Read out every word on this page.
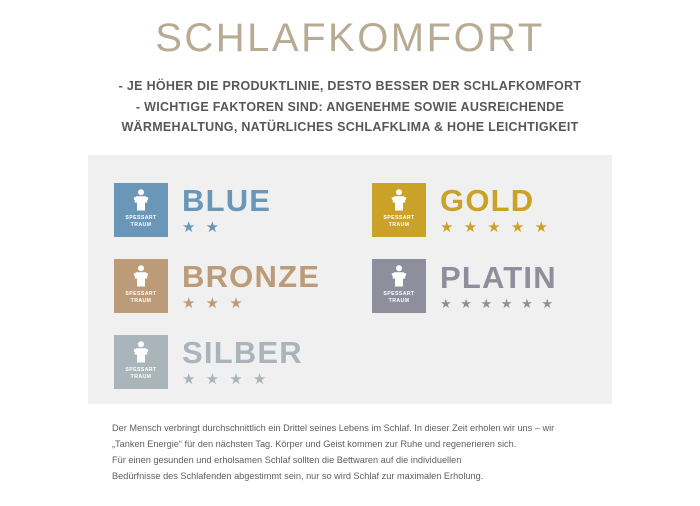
SCHLAFKOMFORT
- JE HÖHER DIE PRODUKTLINIE, DESTO BESSER DER SCHLAFKOMFORT
- WICHTIGE FAKTOREN SIND: ANGENEHME SOWIE AUSREICHENDE
WÄRMEHALTUNG, NATÜRLICHES SCHLAFKLIMA & HOHE LEICHTIGKEIT
SPESSART
TRAUM
BLUE
★ ★
SPESSART
TRAUM
GOLD
★ ★ ★ ★ ★
SPESSART
TRAUM
BRONZE
★ ★ ★
SPESSART
TRAUM
PLATIN
★ ★ ★ ★ ★ ★
SPESSART
TRAUM
SILBER
★ ★ ★ ★
Der Mensch verbringt durchschnittlich ein Drittel seines Lebens im Schlaf. In dieser Zeit erholen wir uns – wir
„Tanken Energie“ für den nächsten Tag. Körper und Geist kommen zur Ruhe und regenerieren sich.
Für einen gesunden und erholsamen Schlaf sollten die Bettwaren auf die individuellen
Bedürfnisse des Schlafenden abgestimmt sein, nur so wird Schlaf zur maximalen Erholung.
